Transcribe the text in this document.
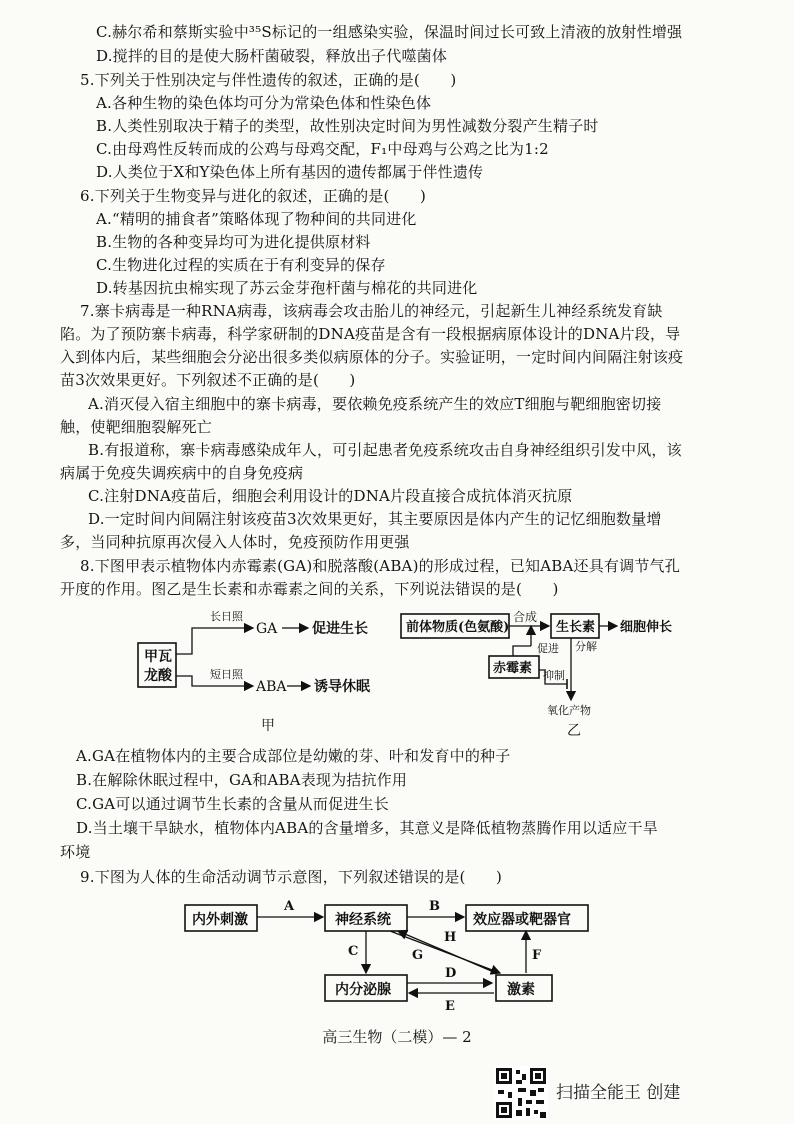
C.赫尔希和蔡斯实验中³⁵S标记的一组感染实验，保温时间过长可致上清液的放射性增强
D.搅拌的目的是使大肠杆菌破裂，释放出子代噬菌体
5.下列关于性别决定与伴性遗传的叙述，正确的是(　　)
A.各种生物的染色体均可分为常染色体和性染色体
B.人类性别取决于精子的类型，故性别决定时间为男性减数分裂产生精子时
C.由母鸡性反转而成的公鸡与母鸡交配，F₁中母鸡与公鸡之比为1:2
D.人类位于X和Y染色体上所有基因的遗传都属于伴性遗传
6.下列关于生物变异与进化的叙述，正确的是(　　)
A.“精明的捕食者”策略体现了物种间的共同进化
B.生物的各种变异均可为进化提供原材料
C.生物进化过程的实质在于有利变异的保存
D.转基因抗虫棉实现了苏云金芽孢杆菌与棉花的共同进化
7.寨卡病毒是一种RNA病毒，该病毒会攻击胎儿的神经元，引起新生儿神经系统发育缺
陷。为了预防寨卡病毒，科学家研制的DNA疫苗是含有一段根据病原体设计的DNA片段，导
入到体内后，某些细胞会分泌出很多类似病原体的分子。实验证明，一定时间内间隔注射该疫
苗3次效果更好。下列叙述不正确的是(　　)
A.消灭侵入宿主细胞中的寨卡病毒，要依赖免疫系统产生的效应T细胞与靶细胞密切接
触，使靶细胞裂解死亡
B.有报道称，寨卡病毒感染成年人，可引起患者免疫系统攻击自身神经组织引发中风，该
病属于免疫失调疾病中的自身免疫病
C.注射DNA疫苗后，细胞会利用设计的DNA片段直接合成抗体消灭抗原
D.一定时间内间隔注射该疫苗3次效果更好，其主要原因是体内产生的记忆细胞数量增
多，当同种抗原再次侵入人体时，免疫预防作用更强
8.下图甲表示植物体内赤霉素(GA)和脱落酸(ABA)的形成过程，已知ABA还具有调节气孔
开度的作用。图乙是生长素和赤霉素之间的关系，下列说法错误的是(　　)
甲瓦
龙酸
长日照
GA 促进生长
短日照
ABA 诱导休眠
甲
前体物质(色氨酸)
合成
生长素 细胞伸长
赤霉素
促进 分解
抑制
氧化产物
乙
A.GA在植物体内的主要合成部位是幼嫩的芽、叶和发育中的种子
B.在解除休眠过程中，GA和ABA表现为拮抗作用
C.GA可以通过调节生长素的含量从而促进生长
D.当土壤干旱缺水，植物体内ABA的含量增多，其意义是降低植物蒸腾作用以适应干旱
环境
9.下图为人体的生命活动调节示意图，下列叙述错误的是(　　)
内外刺激
A
神经系统
B
效应器或靶器官
C	G
H
F
内分泌腺
D
E
激素
高三生物（二模）— 2
扫描全能王 创建
